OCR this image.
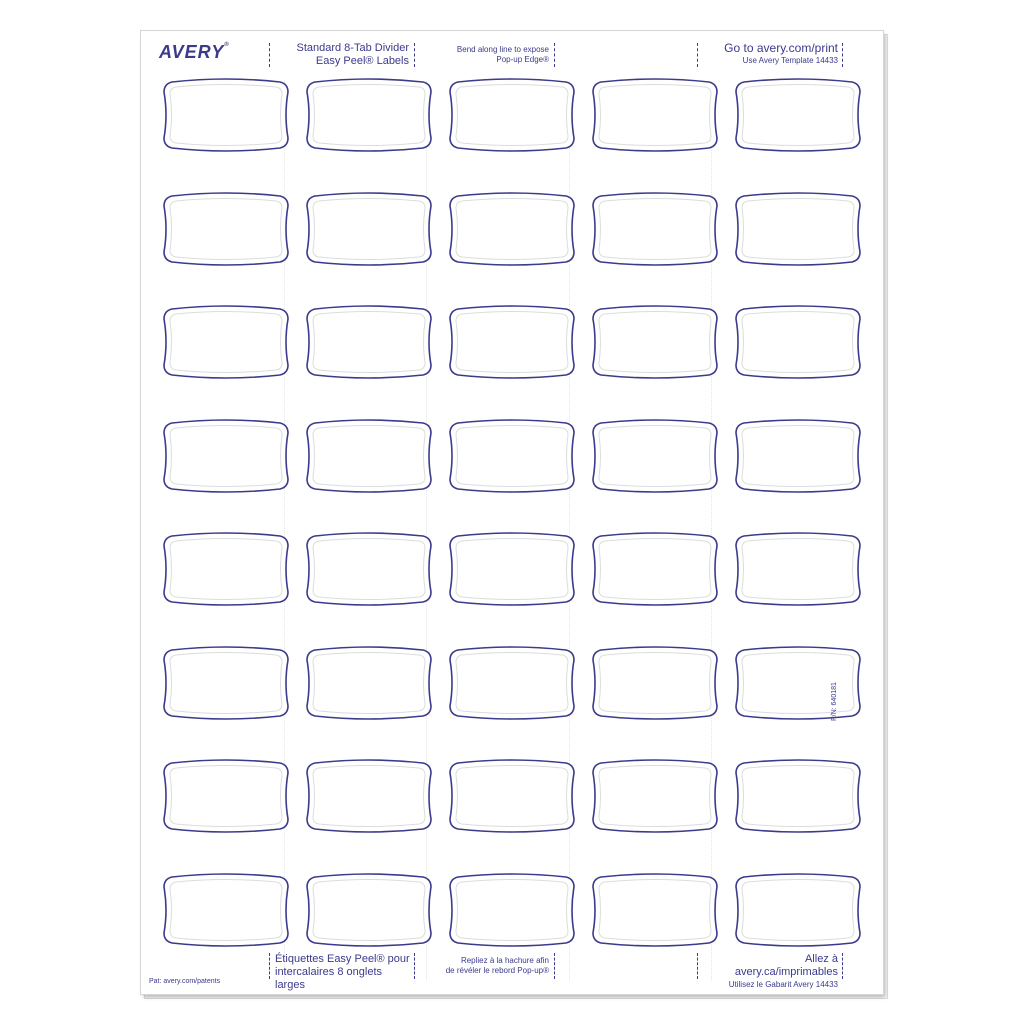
AVERY®	Standard 8-Tab Divider
Easy Peel® Labels
Bend along line to expose
Pop-up Edge®
Go to avery.com/print
Use Avery Template 14433
P/N: 640181
Étiquettes Easy Peel® pour
intercalaires 8 onglets larges
Repliez à la hachure afin
de révéler le rebord Pop-up®
Allez à avery.ca/imprimables
Utilisez le Gabarit Avery 14433
Pat: avery.com/patents
